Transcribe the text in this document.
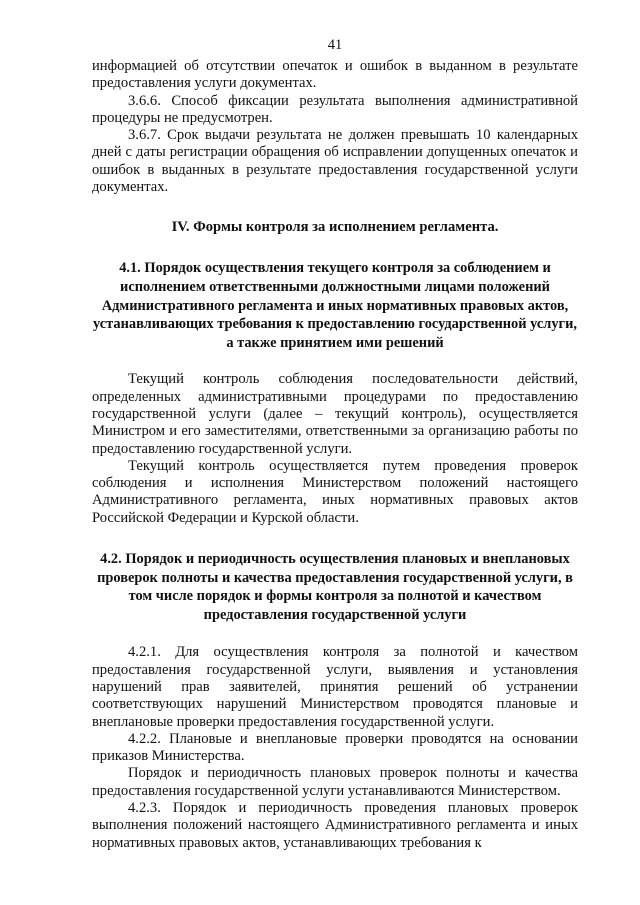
41

информацией об отсутствии опечаток и ошибок в выданном в результате предоставления услуги документах.

3.6.6. Способ фиксации результата выполнения административной процедуры не предусмотрен.

3.6.7. Срок выдачи результата не должен превышать 10 календарных дней с даты регистрации обращения об исправлении допущенных опечаток и ошибок в выданных в результате предоставления государственной услуги документах.

IV. Формы контроля за исполнением регламента.

4.1. Порядок осуществления текущего контроля за соблюдением и исполнением ответственными должностными лицами положений Административного регламента и иных нормативных правовых актов, устанавливающих требования к предоставлению государственной услуги, а также принятием ими решений

Текущий контроль соблюдения последовательности действий, определенных административными процедурами по предоставлению государственной услуги (далее – текущий контроль), осуществляется Министром и его заместителями, ответственными за организацию работы по предоставлению государственной услуги.

Текущий контроль осуществляется путем проведения проверок соблюдения и исполнения Министерством положений настоящего Административного регламента, иных нормативных правовых актов Российской Федерации и Курской области.

4.2. Порядок и периодичность осуществления плановых и внеплановых проверок полноты и качества предоставления государственной услуги, в том числе порядок и формы контроля за полнотой и качеством предоставления государственной услуги

4.2.1. Для осуществления контроля за полнотой и качеством предоставления государственной услуги, выявления и установления нарушений прав заявителей, принятия решений об устранении соответствующих нарушений Министерством проводятся плановые и внеплановые проверки предоставления государственной услуги.

4.2.2. Плановые и внеплановые проверки проводятся на основании приказов Министерства.

Порядок и периодичность плановых проверок полноты и качества предоставления государственной услуги устанавливаются Министерством.

4.2.3. Порядок и периодичность проведения плановых проверок выполнения положений настоящего Административного регламента и иных нормативных правовых актов, устанавливающих требования к
